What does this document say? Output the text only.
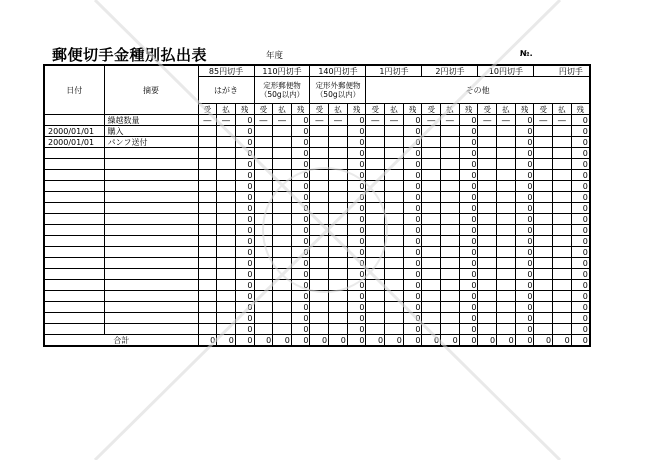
郵便切手金種別払出表	年度	№.
日付	摘要	85円切手			110円切手			140円切手			1円切手			2円切手			10円切手			円切手		
		はがき			定形郵便物 （50g以内）			定形外郵便物 （50g以内）			その他											
		受	払	残	受	払	残	受	払	残	受	払	残	受	払	残	受	払	残	受	払	残
	繰越数量	―	―	0	―	―	0	―	―	0	―	―	0	―	―	0	―	―	0	―	―	0
2000/01/01	購入			0			0			0			0			0			0			0
2000/01/01	パンフ送付			0			0			0			0			0			0			0
				0			0			0			0			0			0			0
				0			0			0			0			0			0			0
				0			0			0			0			0			0			0
				0			0			0			0			0			0			0
				0			0			0			0			0			0			0
				0			0			0			0			0			0			0
				0			0			0			0			0			0			0
				0			0			0			0			0			0			0
				0			0			0			0			0			0			0
				0			0			0			0			0			0			0
				0			0			0			0			0			0			0
				0			0			0			0			0			0			0
				0			0			0			0			0			0			0
				0			0			0			0			0			0			0
				0			0			0			0			0			0			0
				0			0			0			0			0			0			0
				0			0			0			0			0			0			0
合計		0	0	0	0	0	0	0	0	0	0	0	0	0	0	0	0	0	0	0	0	0
